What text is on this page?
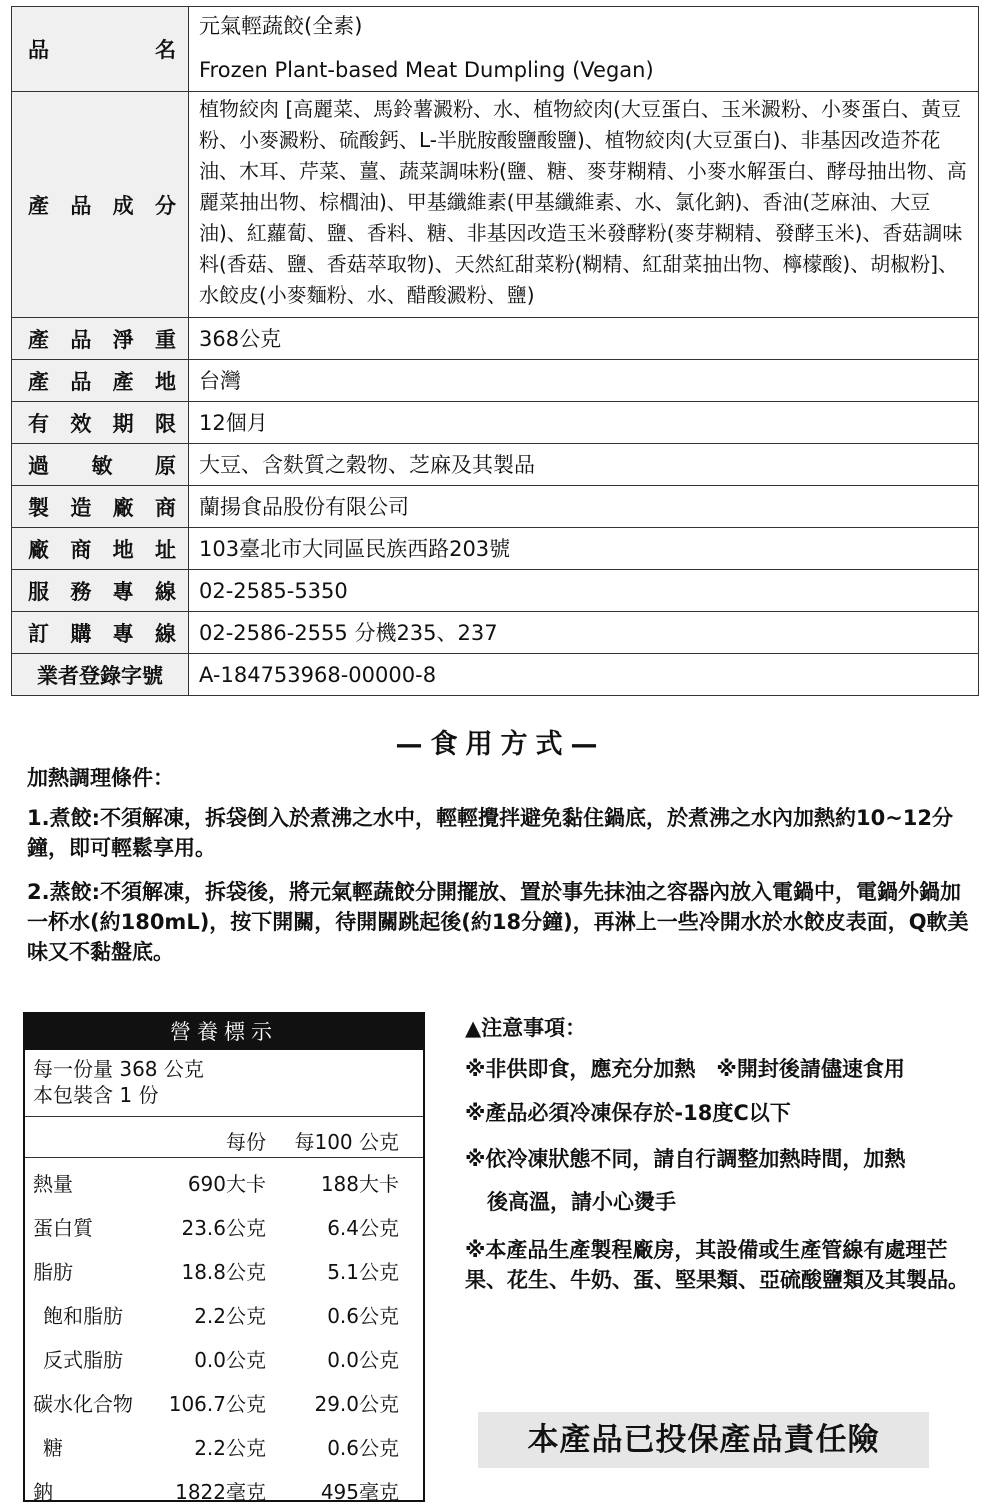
品　　名	元氣輕蔬餃(全素)
Frozen Plant-based Meat Dumpling (Vegan)

產品成分	植物絞肉 [高麗菜、馬鈴薯澱粉、水、植物絞肉(大豆蛋白、玉米澱粉、小麥蛋白、黃豆粉、小麥澱粉、硫酸鈣、L-半胱胺酸鹽酸鹽)、植物絞肉(大豆蛋白)、非基因改造芥花油、木耳、芹菜、薑、蔬菜調味粉(鹽、糖、麥芽糊精、小麥水解蛋白、酵母抽出物、高麗菜抽出物、棕櫚油)、甲基纖維素(甲基纖維素、水、氯化鈉)、香油(芝麻油、大豆油)、紅蘿蔔、鹽、香料、糖、非基因改造玉米發酵粉(麥芽糊精、發酵玉米)、香菇調味料(香菇、鹽、香菇萃取物)、天然紅甜菜粉(糊精、紅甜菜抽出物、檸檬酸)、胡椒粉]、水餃皮(小麥麵粉、水、醋酸澱粉、鹽)
產品淨重	368公克
產品產地	台灣
有效期限	12個月
過敏原	大豆、含麩質之穀物、芝麻及其製品
製造廠商	蘭揚食品股份有限公司
廠商地址	103臺北市大同區民族西路203號
服務專線	02-2585-5350
訂購專線	02-2586-2555 分機235、237
業者登錄字號	A-184753968-00000-8
—食用方式—
加熱調理條件：
1.煮餃:不須解凍，拆袋倒入於煮沸之水中，輕輕攪拌避免黏住鍋底，於煮沸之水內加熱約10~12分鐘，即可輕鬆享用。
2.蒸餃:不須解凍，拆袋後，將元氣輕蔬餃分開擺放、置於事先抹油之容器內放入電鍋中，電鍋外鍋加一杯水(約180mL)，按下開關，待開關跳起後(約18分鐘)，再淋上一些冷開水於水餃皮表面，Q軟美味又不黏盤底。
營養標示
每一份量 368 公克
本包裝含 1 份
每份 每100 公克
熱量	690大卡	188大卡
蛋白質	23.6公克	6.4公克
脂肪	18.8公克	5.1公克
飽和脂肪	2.2公克	0.6公克
反式脂肪	0.0公克	0.0公克
碳水化合物 106.7公克 29.0公克
糖	2.2公克	0.6公克
鈉	1822毫克	495毫克
▲注意事項：
※非供即食，應充分加熱　※開封後請儘速食用
※產品必須冷凍保存於-18度C以下
※依冷凍狀態不同，請自行調整加熱時間，加熱
後高溫，請小心燙手
※本產品生產製程廠房，其設備或生產管線有處理芒果、花生、牛奶、蛋、堅果類、亞硫酸鹽類及其製品。
本產品已投保產品責任險
